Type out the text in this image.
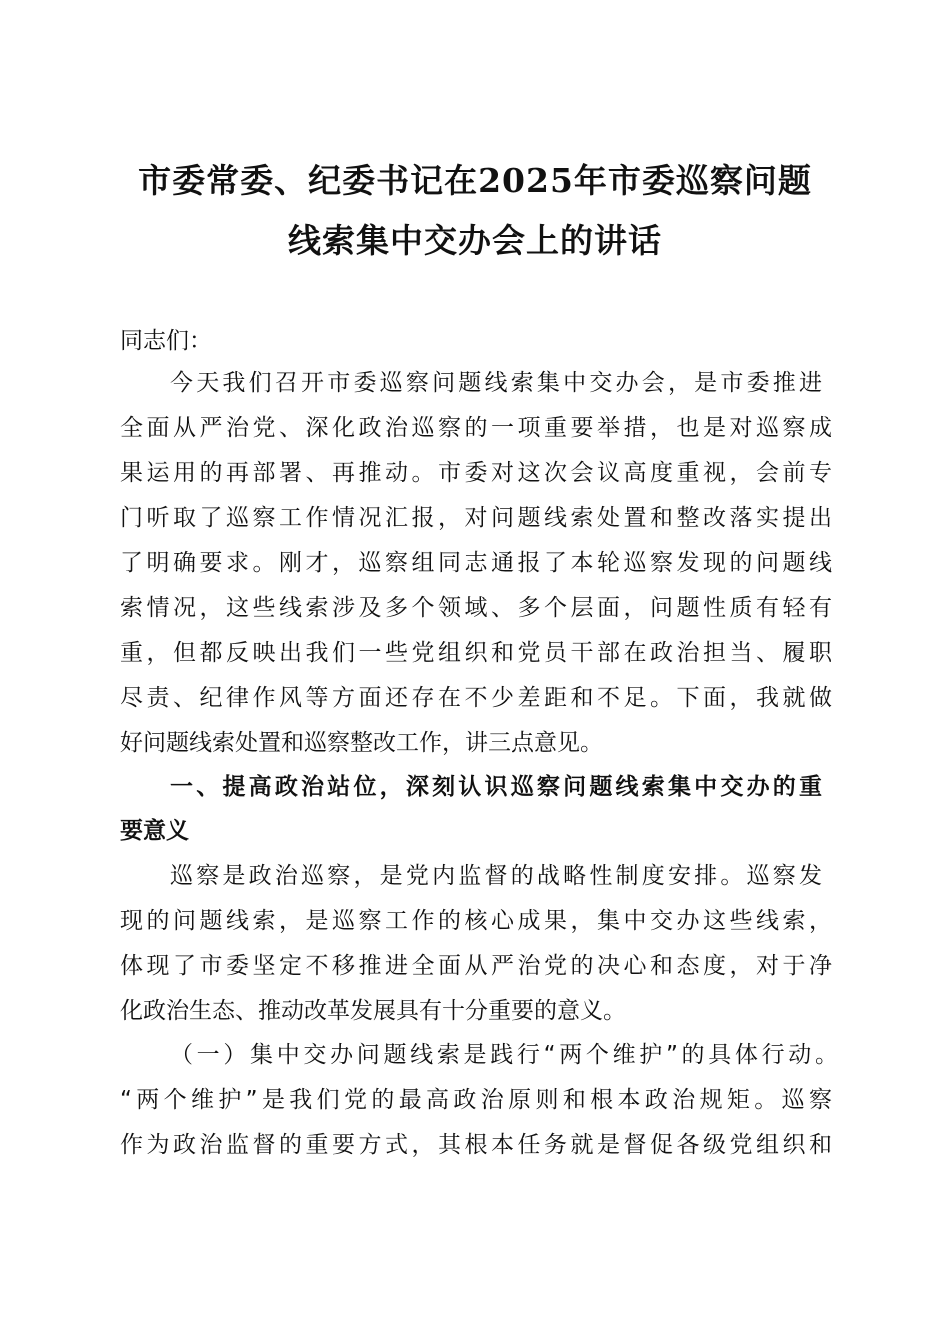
市委常委、纪委书记在2025年市委巡察问题
线索集中交办会上的讲话
同志们：
今天我们召开市委巡察问题线索集中交办会，是市委推进
全面从严治党、深化政治巡察的一项重要举措，也是对巡察成
果运用的再部署、再推动。市委对这次会议高度重视，会前专
门听取了巡察工作情况汇报，对问题线索处置和整改落实提出
了明确要求。刚才，巡察组同志通报了本轮巡察发现的问题线
索情况，这些线索涉及多个领域、多个层面，问题性质有轻有
重，但都反映出我们一些党组织和党员干部在政治担当、履职
尽责、纪律作风等方面还存在不少差距和不足。下面，我就做
好问题线索处置和巡察整改工作，讲三点意见。
一、提高政治站位，深刻认识巡察问题线索集中交办的重
要意义
巡察是政治巡察，是党内监督的战略性制度安排。巡察发
现的问题线索，是巡察工作的核心成果，集中交办这些线索，
体现了市委坚定不移推进全面从严治党的决心和态度，对于净
化政治生态、推动改革发展具有十分重要的意义。
（一）集中交办问题线索是践行“两个维护”的具体行动。
“两个维护”是我们党的最高政治原则和根本政治规矩。巡察
作为政治监督的重要方式，其根本任务就是督促各级党组织和
